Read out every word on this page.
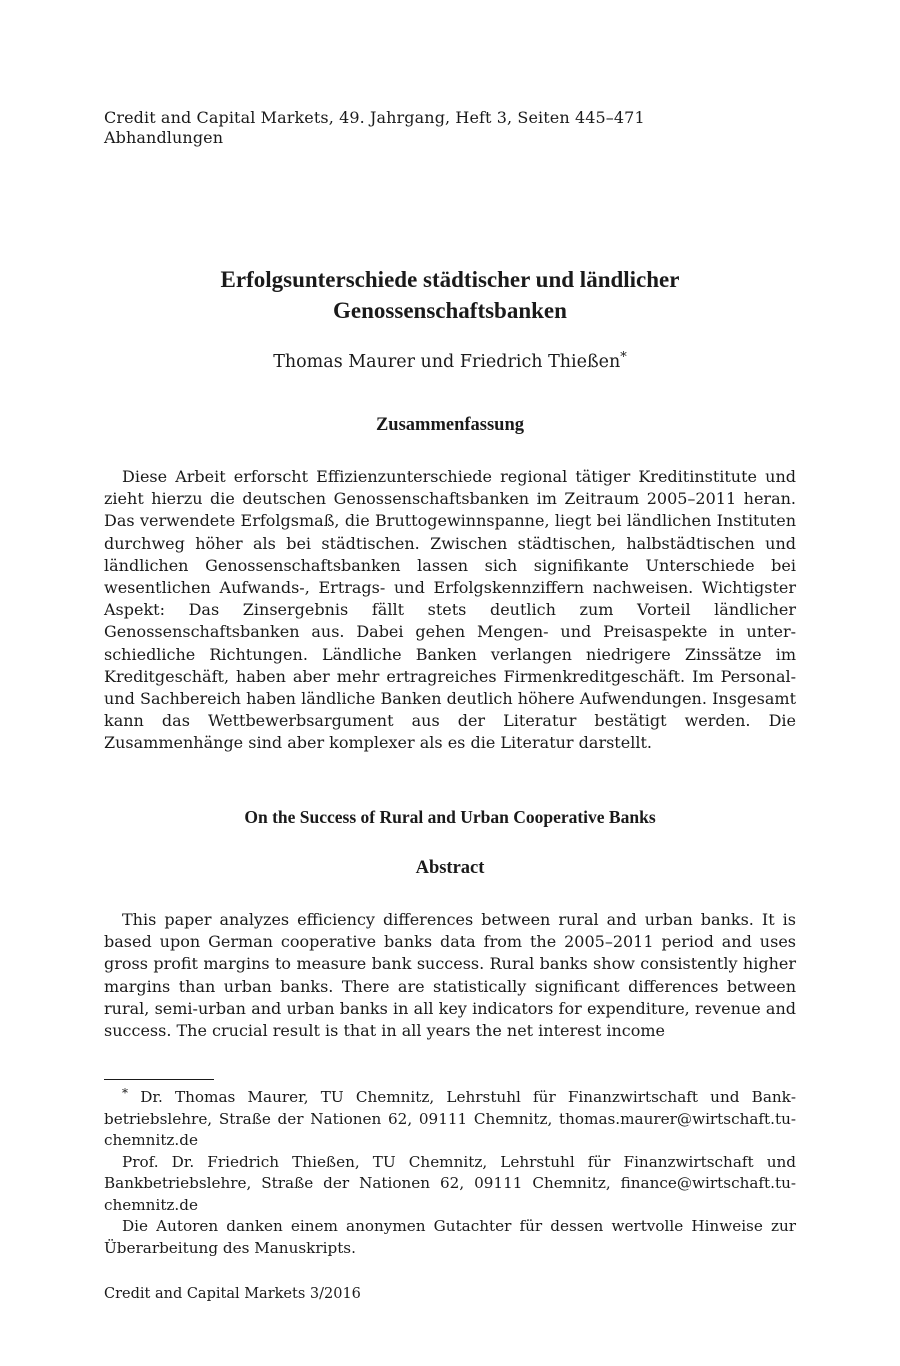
Credit and Capital Markets, 49. Jahrgang, Heft 3, Seiten 445–471
Abhandlungen
Erfolgsunterschiede städtischer und ländlicher
Genossenschaftsbanken
Thomas Maurer und Friedrich Thießen*
Zusammenfassung

Diese Arbeit erforscht Effizienzunterschiede regional tätiger Kreditinstitute und zieht hierzu die deutschen Genossenschaftsbanken im Zeitraum 2005–2011 heran. Das verwendete Erfolgsmaß, die Bruttogewinnspanne, liegt bei ländlichen Instituten durchweg höher als bei städtischen. Zwischen städtischen, halbstädtischen und ländlichen Genossenschaftsbanken lassen sich signifikante Unterschiede bei wesentlichen Aufwands-, Ertrags- und Erfolgskennziffern nachweisen. Wichtigster Aspekt: Das Zinsergebnis fällt stets deutlich zum Vorteil ländlicher Genossenschaftsbanken aus. Dabei gehen Mengen- und Preisaspekte in unterschiedliche Richtungen. Ländliche Banken verlangen niedrigere Zinssätze im Kreditgeschäft, haben aber mehr ertragreiches Firmenkreditgeschäft. Im Personal- und Sachbereich haben ländliche Banken deutlich höhere Aufwendungen. Insgesamt kann das Wettbewerbsargument aus der Literatur bestätigt werden. Die Zusammenhänge sind aber komplexer als es die Literatur darstellt.

On the Success of Rural and Urban Cooperative Banks
Abstract

This paper analyzes efficiency differences between rural and urban banks. It is based upon German cooperative banks data from the 2005–2011 period and uses gross profit margins to measure bank success. Rural banks show consistently higher margins than urban banks. There are statistically significant differences between rural, semi-urban and urban banks in all key indicators for expenditure, revenue and success. The crucial result is that in all years the net interest income

* Dr. Thomas Maurer, TU Chemnitz, Lehrstuhl für Finanzwirtschaft und Bankbetriebslehre, Straße der Nationen 62, 09111 Chemnitz, thomas.maurer@wirtschaft.tu-chemnitz.de

Prof. Dr. Friedrich Thießen, TU Chemnitz, Lehrstuhl für Finanzwirtschaft und Bankbetriebslehre, Straße der Nationen 62, 09111 Chemnitz, finance@wirtschaft.tu-chemnitz.de

Die Autoren danken einem anonymen Gutachter für dessen wertvolle Hinweise zur Überarbeitung des Manuskripts.

Credit and Capital Markets 3/2016
